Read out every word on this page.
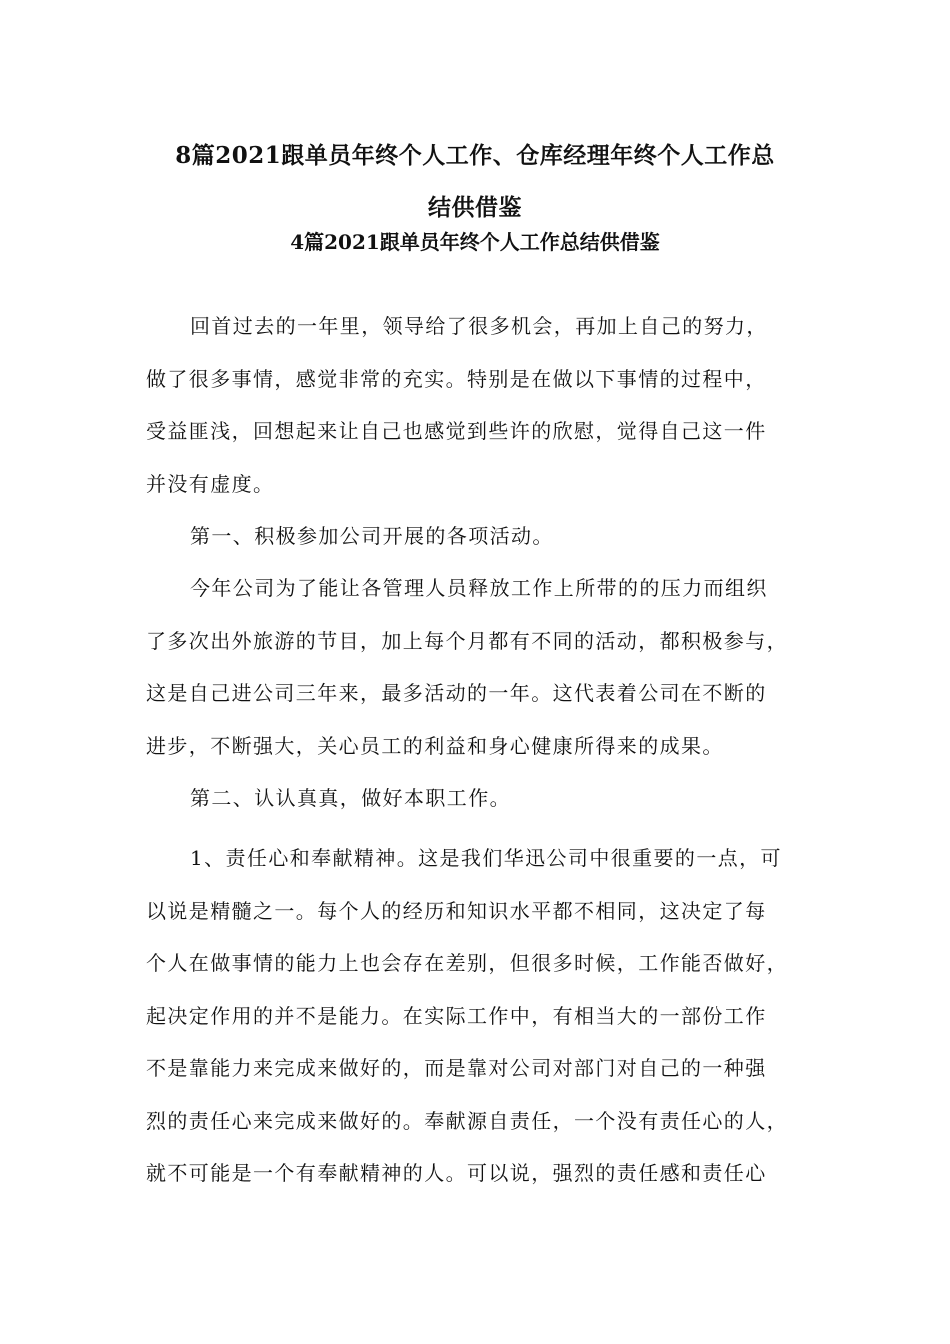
8篇2021跟单员年终个人工作、仓库经理年终个人工作总
结供借鉴
4篇2021跟单员年终个人工作总结供借鉴
回首过去的一年里，领导给了很多机会，再加上自己的努力，
做了很多事情，感觉非常的充实。特别是在做以下事情的过程中，
受益匪浅，回想起来让自己也感觉到些许的欣慰，觉得自己这一件
并没有虚度。
第一、积极参加公司开展的各项活动。
今年公司为了能让各管理人员释放工作上所带的的压力而组织
了多次出外旅游的节目，加上每个月都有不同的活动，都积极参与，
这是自己进公司三年来，最多活动的一年。这代表着公司在不断的
进步，不断强大，关心员工的利益和身心健康所得来的成果。
第二、认认真真，做好本职工作。
1、责任心和奉献精神。这是我们华迅公司中很重要的一点，可
以说是精髓之一。每个人的经历和知识水平都不相同，这决定了每
个人在做事情的能力上也会存在差别，但很多时候，工作能否做好，
起决定作用的并不是能力。在实际工作中，有相当大的一部份工作
不是靠能力来完成来做好的，而是靠对公司对部门对自己的一种强
烈的责任心来完成来做好的。奉献源自责任，一个没有责任心的人，
就不可能是一个有奉献精神的人。可以说，强烈的责任感和责任心
